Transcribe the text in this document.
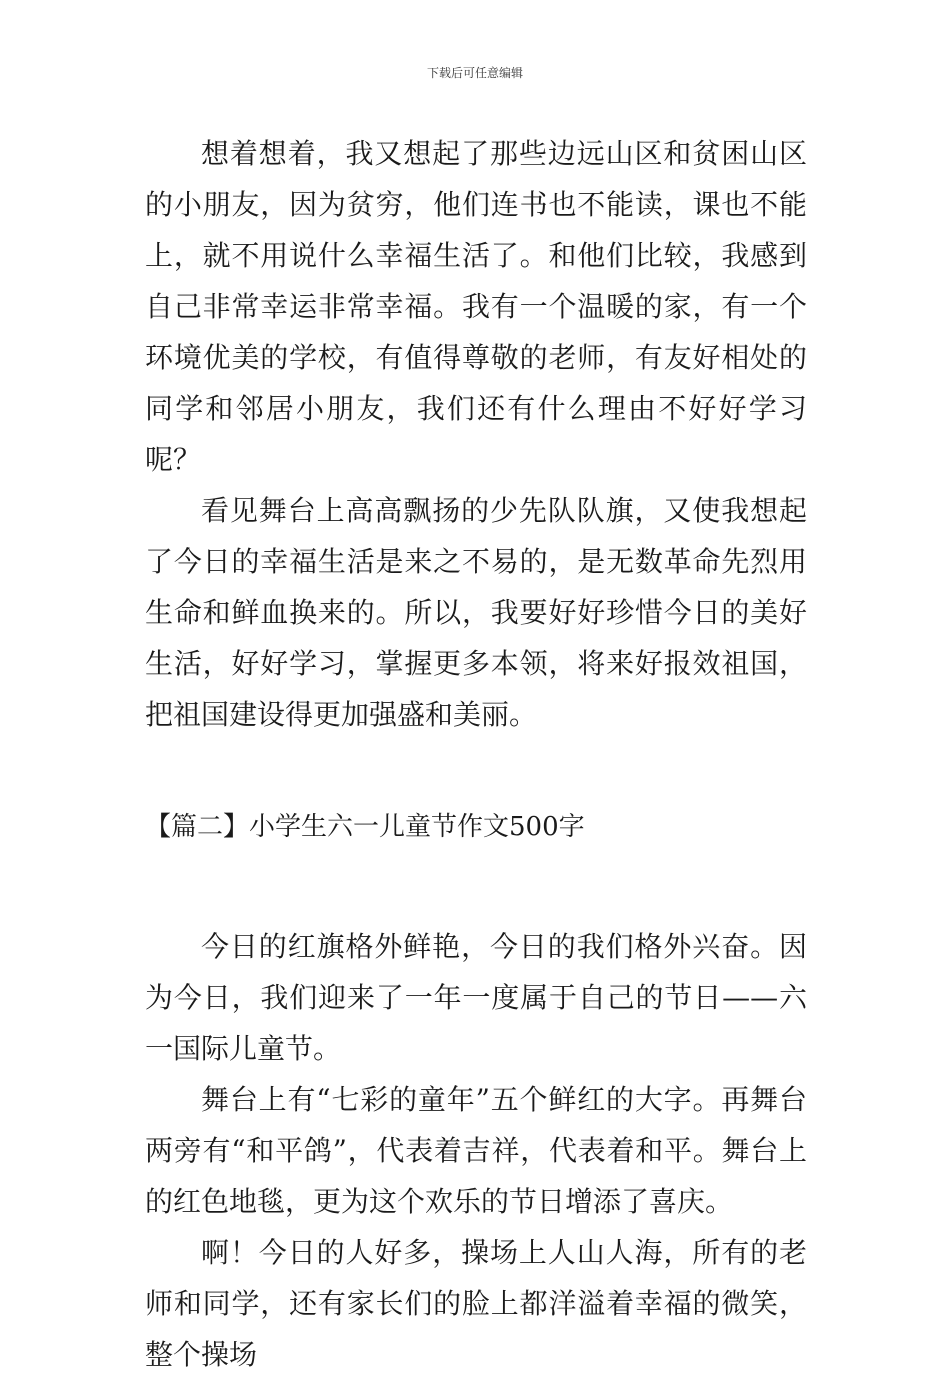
下载后可任意编辑

想着想着，我又想起了那些边远山区和贫困山区的小朋友，因为贫穷，他们连书也不能读，课也不能上，就不用说什么幸福生活了。和他们比较，我感到自己非常幸运非常幸福。我有一个温暖的家，有一个环境优美的学校，有值得尊敬的老师，有友好相处的同学和邻居小朋友，我们还有什么理由不好好学习呢？

看见舞台上高高飘扬的少先队队旗，又使我想起了今日的幸福生活是来之不易的，是无数革命先烈用生命和鲜血换来的。所以，我要好好珍惜今日的美好生活，好好学习，掌握更多本领，将来好报效祖国，把祖国建设得更加强盛和美丽。

【篇二】小学生六一儿童节作文500字

今日的红旗格外鲜艳，今日的我们格外兴奋。因为今日，我们迎来了一年一度属于自己的节日——六一国际儿童节。

舞台上有“七彩的童年”五个鲜红的大字。再舞台两旁有“和平鸽”，代表着吉祥，代表着和平。舞台上的红色地毯，更为这个欢乐的节日增添了喜庆。

啊！今日的人好多，操场上人山人海，所有的老师和同学，还有家长们的脸上都洋溢着幸福的微笑，整个操场
